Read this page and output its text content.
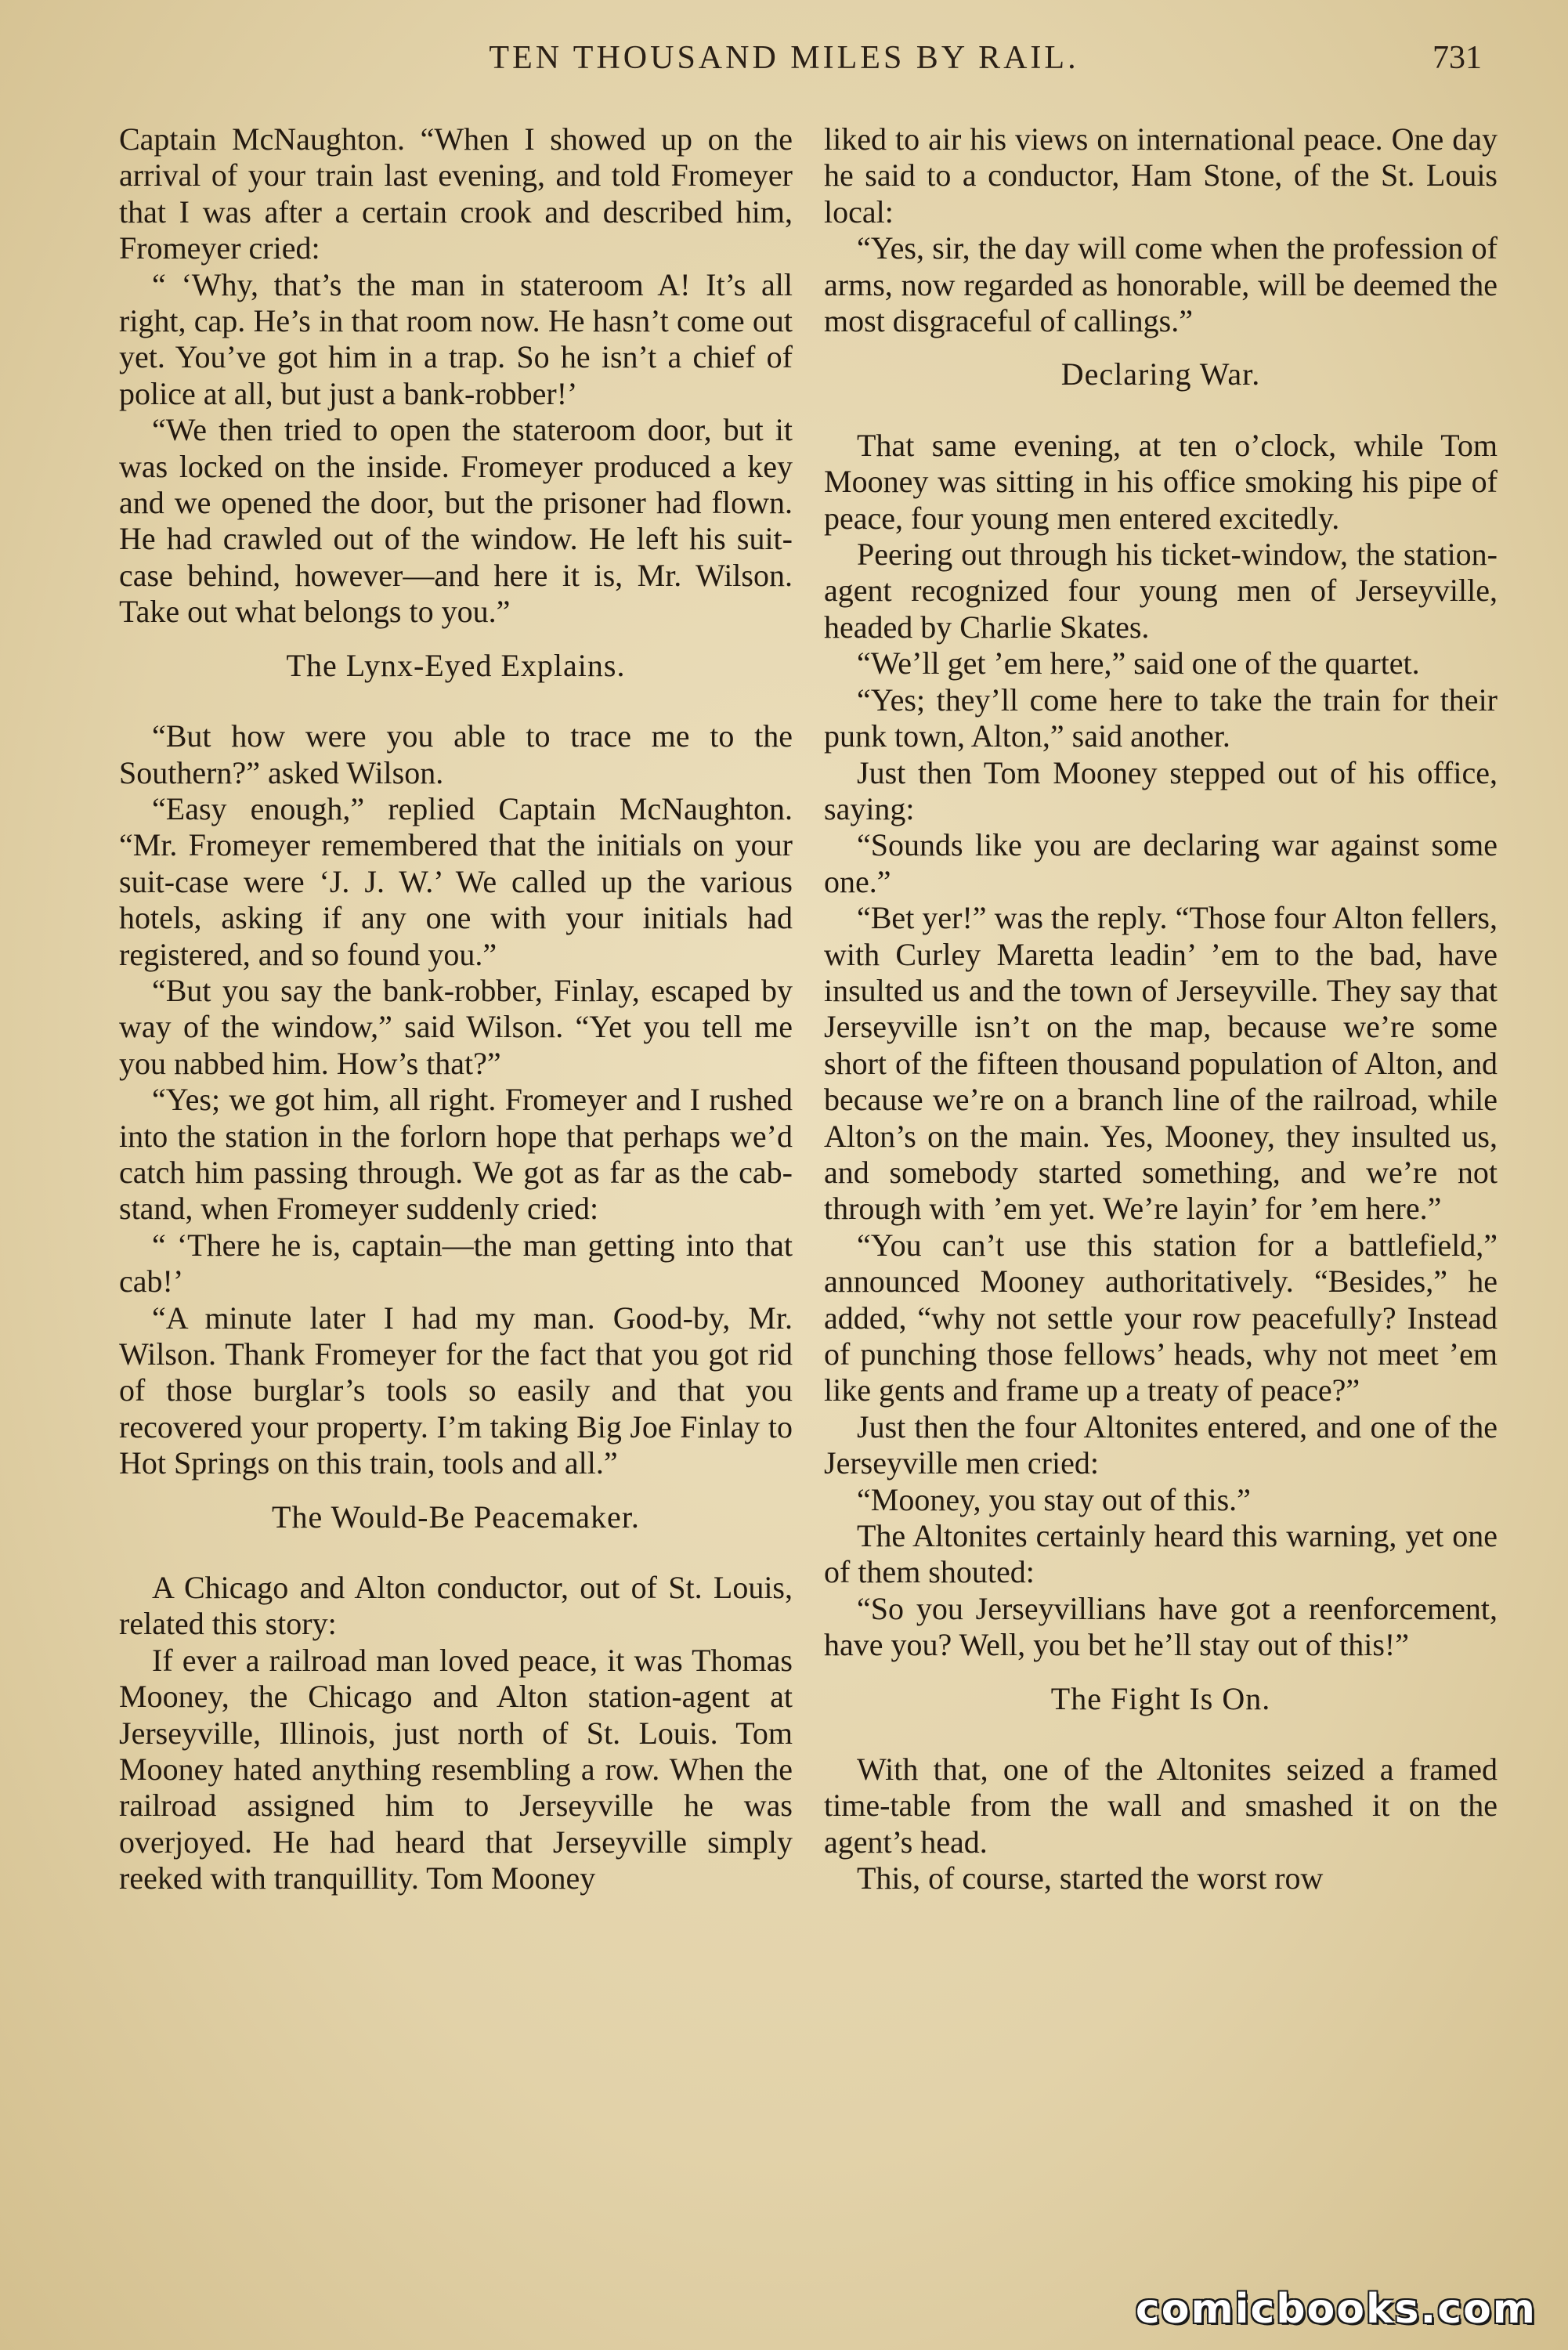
TEN THOUSAND MILES BY RAIL.	731

Captain McNaughton. “When I showed up on the arrival of your train last evening, and told Fromeyer that I was after a certain crook and described him, Fromeyer cried:

“ ‘Why, that’s the man in stateroom A! It’s all right, cap. He’s in that room now. He hasn’t come out yet. You’ve got him in a trap. So he isn’t a chief of police at all, but just a bank-robber!’

“We then tried to open the stateroom door, but it was locked on the inside. Fromeyer produced a key and we opened the door, but the prisoner had flown. He had crawled out of the window. He left his suit-case behind, however—and here it is, Mr. Wilson. Take out what belongs to you.”

The Lynx-Eyed Explains.

“But how were you able to trace me to the Southern?” asked Wilson.

“Easy enough,” replied Captain McNaughton. “Mr. Fromeyer remembered that the initials on your suit-case were ‘J. J. W.’ We called up the various hotels, asking if any one with your initials had registered, and so found you.”

“But you say the bank-robber, Finlay, escaped by way of the window,” said Wilson. “Yet you tell me you nabbed him. How’s that?”

“Yes; we got him, all right. Fromeyer and I rushed into the station in the forlorn hope that perhaps we’d catch him passing through. We got as far as the cab-stand, when Fromeyer suddenly cried:

“ ‘There he is, captain—the man getting into that cab!’

“A minute later I had my man. Good-by, Mr. Wilson. Thank Fromeyer for the fact that you got rid of those burglar’s tools so easily and that you recovered your property. I’m taking Big Joe Finlay to Hot Springs on this train, tools and all.”

The Would-Be Peacemaker.

A Chicago and Alton conductor, out of St. Louis, related this story:

If ever a railroad man loved peace, it was Thomas Mooney, the Chicago and Alton station-agent at Jerseyville, Illinois, just north of St. Louis. Tom Mooney hated anything resembling a row. When the railroad assigned him to Jerseyville he was overjoyed. He had heard that Jerseyville simply reeked with tranquillity. Tom Mooney

liked to air his views on international peace. One day he said to a conductor, Ham Stone, of the St. Louis local:

“Yes, sir, the day will come when the profession of arms, now regarded as honorable, will be deemed the most disgraceful of callings.”

Declaring War.

That same evening, at ten o’clock, while Tom Mooney was sitting in his office smoking his pipe of peace, four young men entered excitedly.

Peering out through his ticket-window, the station-agent recognized four young men of Jerseyville, headed by Charlie Skates.

“We’ll get ’em here,” said one of the quartet.

“Yes; they’ll come here to take the train for their punk town, Alton,” said another.

Just then Tom Mooney stepped out of his office, saying:

“Sounds like you are declaring war against some one.”

“Bet yer!” was the reply. “Those four Alton fellers, with Curley Maretta leadin’ ’em to the bad, have insulted us and the town of Jerseyville. They say that Jerseyville isn’t on the map, because we’re some short of the fifteen thousand population of Alton, and because we’re on a branch line of the railroad, while Alton’s on the main. Yes, Mooney, they insulted us, and somebody started something, and we’re not through with ’em yet. We’re layin’ for ’em here.”

“You can’t use this station for a battlefield,” announced Mooney authoritatively. “Besides,” he added, “why not settle your row peacefully? Instead of punching those fellows’ heads, why not meet ’em like gents and frame up a treaty of peace?”

Just then the four Altonites entered, and one of the Jerseyville men cried:

“Mooney, you stay out of this.”

The Altonites certainly heard this warning, yet one of them shouted:

“So you Jerseyvillians have got a reenforcement, have you? Well, you bet he’ll stay out of this!”

The Fight Is On.

With that, one of the Altonites seized a framed time-table from the wall and smashed it on the agent’s head.

This, of course, started the worst row

comicbooks.com
